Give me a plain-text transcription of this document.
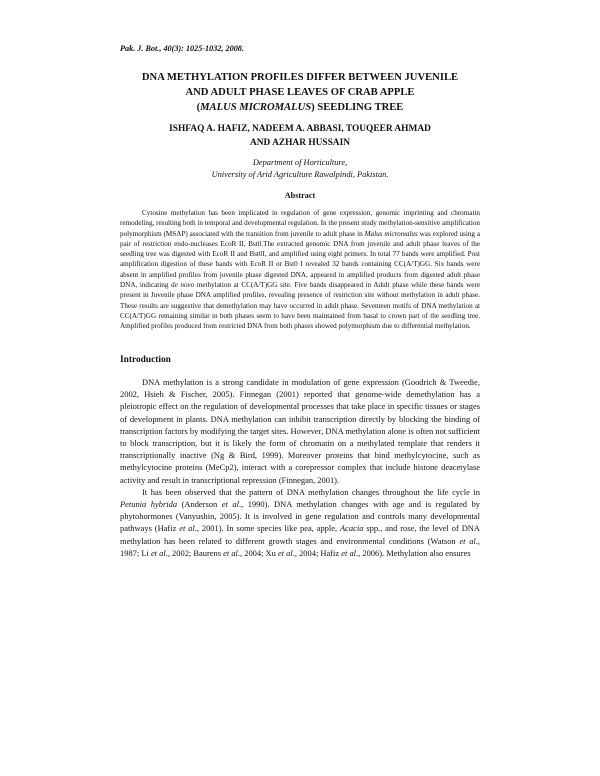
Pak. J. Bot., 40(3): 1025-1032, 2008.
DNA METHYLATION PROFILES DIFFER BETWEEN JUVENILE
AND ADULT PHASE LEAVES OF CRAB APPLE
(MALUS MICROMALUS) SEEDLING TREE
ISHFAQ A. HAFIZ, NADEEM A. ABBASI, TOUQEER AHMAD
AND AZHAR HUSSAIN
Department of Horticulture,
University of Arid Agriculture Rawalpindi, Pakistan.
Abstract

Cytosine methylation has been implicated in regulation of gene expression, genomic imprinting and chromatin remodeling, resulting both in temporal and developmental regulation. In the present study methylation-sensitive amplification polymorphism (MSAP) associated with the transition from juvenile to adult phase in Malus micromalus was explored using a pair of restriction endo-nucleases EcoR II, Bst0.The extracted genomic DNA from juvenile and adult phase leaves of the seedling tree was digested with EcoR II and Bst0I, and amplified using eight primers. In total 77 bands were amplified. Post amplification digestion of these bands with EcoR II or Bst0 I revealed 32 bands containing CC(A/T)GG. Six bands were absent in amplified profiles from juvenile phase digested DNA, appeared in amplified products from digested adult phase DNA, indicating de novo methylation at CC(A/T)GG site. Five bands disappeared in Adult phase while these bands were present in Juvenile phase DNA amplified profiles, revealing presence of restriction site without methylation in adult phase. These results are suggestive that demethylation may have occurred in adult phase. Seventeen motifs of DNA methylation at CC(A/T)GG remaining similar in both phases seem to have been maintained from basal to crown part of the seedling tree. Amplified profiles produced from restricted DNA from both phases showed polymorphism due to differential methylation.

Introduction

DNA methylation is a strong candidate in modulation of gene expression (Goodrich & Tweedie, 2002, Hsieh & Fischer, 2005). Finnegan (2001) reported that genome-wide demethylation has a pleiotropic effect on the regulation of developmental processes that take place in specific tissues or stages of development in plants. DNA methylation can inhibit transcription directly by blocking the binding of transcription factors by modifying the target sites. However, DNA methylation alone is often not sufficient to block transcription, but it is likely the form of chromatin on a methylated template that renders it transcriptionally inactive (Ng & Bird, 1999). Moreover proteins that bind methylcytocine, such as methylcytocine proteins (MeCp2), interact with a corepressor complex that include histone deacetylase activity and result in transcriptional repression (Finnegan, 2001).

It has been observed that the pattern of DNA methylation changes throughout the life cycle in Petunia hybrida (Anderson et al., 1990). DNA methylation changes with age and is regulated by phytohormones (Vanyushin, 2005). It is involved in gene regulation and controls many developmental pathways (Hafiz et al., 2001). In some species like pea, apple, Acacia spp., and rose, the level of DNA methylation has been related to different growth stages and environmental conditions (Watson et al., 1987; Li et al., 2002; Baurens et al., 2004; Xu et al., 2004; Hafiz et al., 2006). Methylation also ensures
